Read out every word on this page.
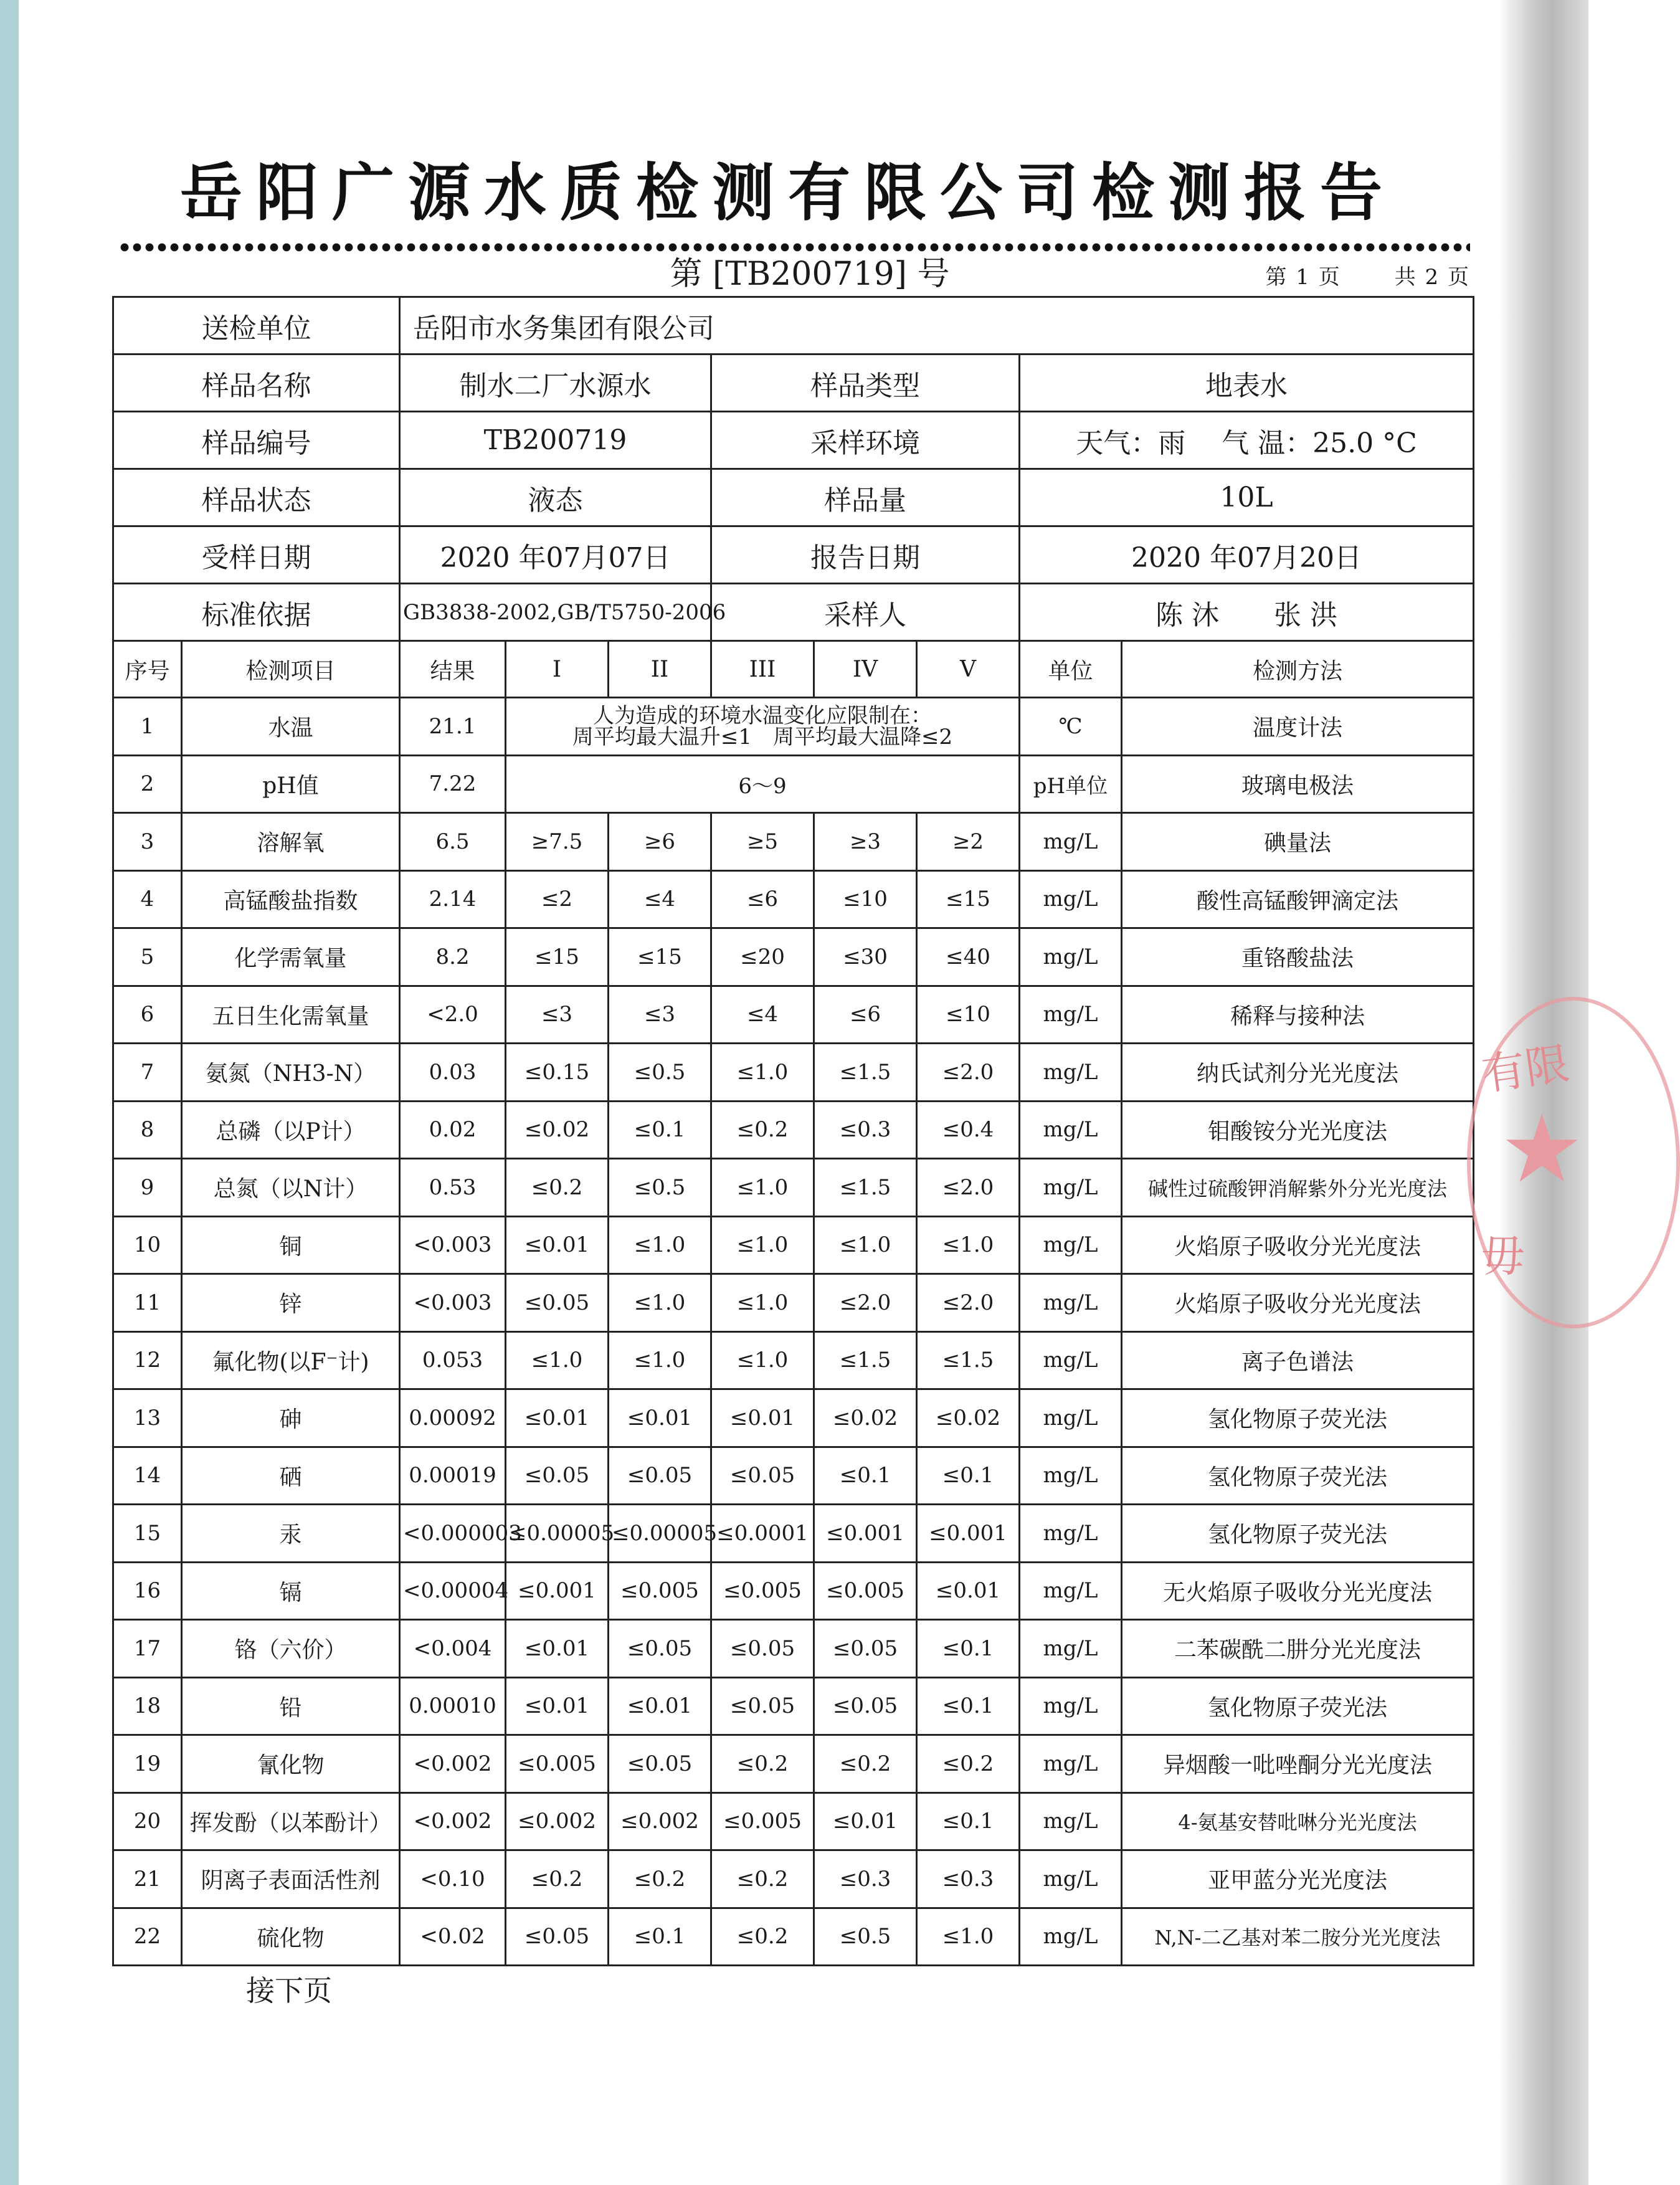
岳阳广源水质检测有限公司检测报告
第 [TB200719] 号	第 1 页	共 2 页
送检单位		岳阳市水务集团有限公司							
样品名称		制水二厂水源水			样品类型			地表水	
样品编号		TB200719			采样环境			天气：雨　 气 温：25.0 °C	
样品状态		液态			样品量			10L	
受样日期		2020 年07月07日			报告日期			2020 年07月20日	
标准依据		GB3838-2002,GB/T5750-2006			采样人			陈 沐　　张 洪	
序号	检测项目	结果	I	II	III	IV	V	单位	检测方法
1	水温	21.1	人为造成的环境水温变化应限制在：
周平均最大温升≤1　周平均最大温降≤2					℃	温度计法
2	pH值	7.22	6～9					pH单位	玻璃电极法
3	溶解氧	6.5	≥7.5	≥6	≥5	≥3	≥2	mg/L	碘量法
4	高锰酸盐指数	2.14	≤2	≤4	≤6	≤10	≤15	mg/L	酸性高锰酸钾滴定法
5	化学需氧量	8.2	≤15	≤15	≤20	≤30	≤40	mg/L	重铬酸盐法
6	五日生化需氧量	<2.0	≤3	≤3	≤4	≤6	≤10	mg/L	稀释与接种法
7	氨氮（NH3-N）	0.03	≤0.15	≤0.5	≤1.0	≤1.5	≤2.0	mg/L	纳氏试剂分光光度法
8	总磷（以P计）	0.02	≤0.02	≤0.1	≤0.2	≤0.3	≤0.4	mg/L	钼酸铵分光光度法
9	总氮（以N计）	0.53	≤0.2	≤0.5	≤1.0	≤1.5	≤2.0	mg/L	碱性过硫酸钾消解紫外分光光度法
10	铜	<0.003	≤0.01	≤1.0	≤1.0	≤1.0	≤1.0	mg/L	火焰原子吸收分光光度法
11	锌	<0.003	≤0.05	≤1.0	≤1.0	≤2.0	≤2.0	mg/L	火焰原子吸收分光光度法
12	氟化物(以F⁻计)	0.053	≤1.0	≤1.0	≤1.0	≤1.5	≤1.5	mg/L	离子色谱法
13	砷	0.00092	≤0.01	≤0.01	≤0.01	≤0.02	≤0.02	mg/L	氢化物原子荧光法
14	硒	0.00019	≤0.05	≤0.05	≤0.05	≤0.1	≤0.1	mg/L	氢化物原子荧光法
15	汞	<0.000003	≤0.00005	≤0.00005	≤0.0001	≤0.001	≤0.001	mg/L	氢化物原子荧光法
16	镉	<0.00004	≤0.001	≤0.005	≤0.005	≤0.005	≤0.01	mg/L	无火焰原子吸收分光光度法
17	铬（六价）	<0.004	≤0.01	≤0.05	≤0.05	≤0.05	≤0.1	mg/L	二苯碳酰二肼分光光度法
18	铅	0.00010	≤0.01	≤0.01	≤0.05	≤0.05	≤0.1	mg/L	氢化物原子荧光法
19	氰化物	<0.002	≤0.005	≤0.05	≤0.2	≤0.2	≤0.2	mg/L	异烟酸一吡唑酮分光光度法
20	挥发酚（以苯酚计）	<0.002	≤0.002	≤0.002	≤0.005	≤0.01	≤0.1	mg/L	4-氨基安替吡啉分光光度法
21	阴离子表面活性剂	<0.10	≤0.2	≤0.2	≤0.2	≤0.3	≤0.3	mg/L	亚甲蓝分光光度法
22	硫化物	<0.02	≤0.05	≤0.1	≤0.2	≤0.5	≤1.0	mg/L	N,N-二乙基对苯二胺分光光度法
有限
★
毋
接下页
